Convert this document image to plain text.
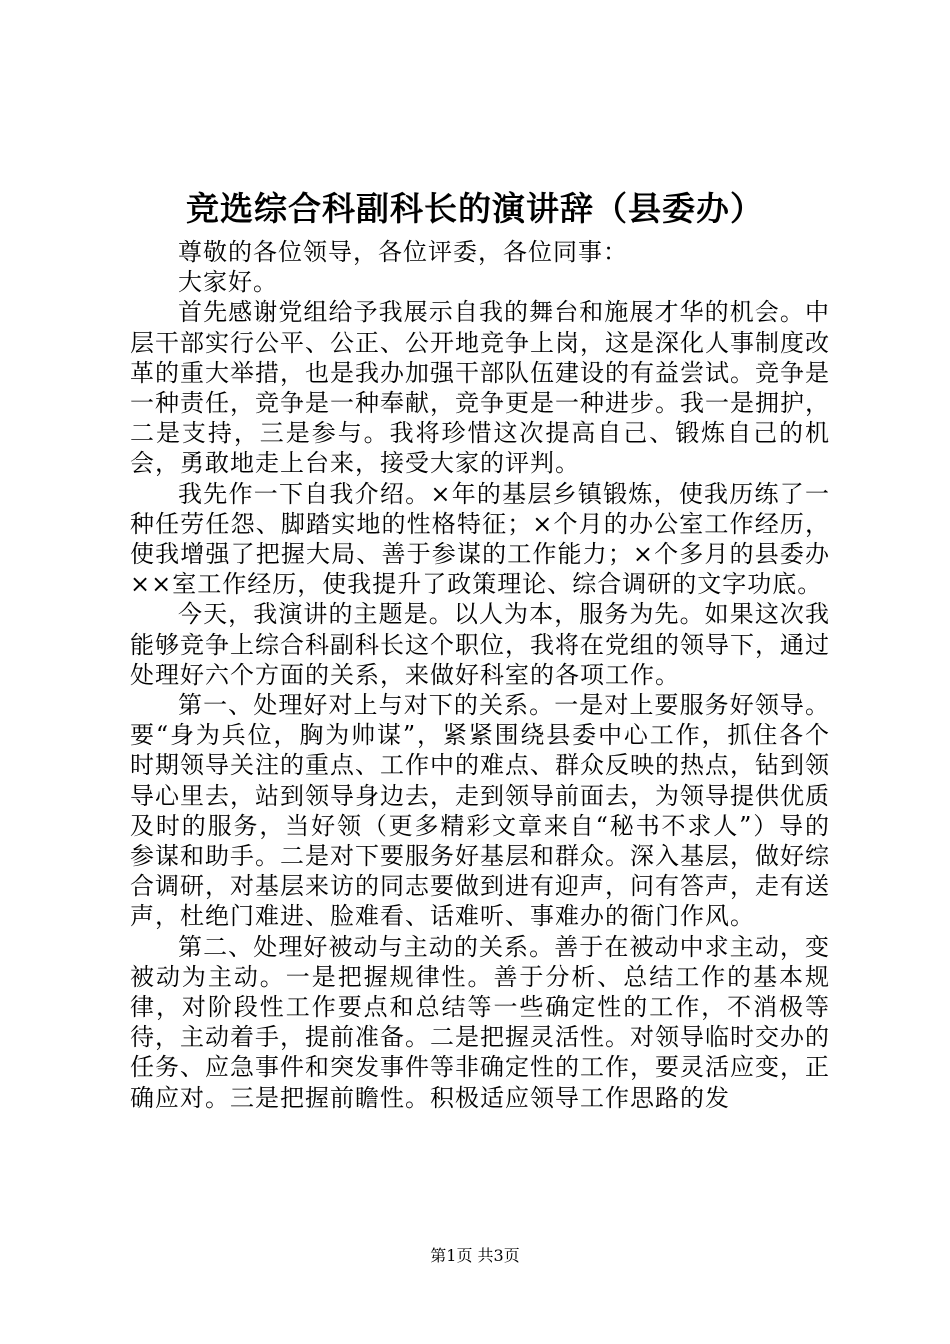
竞选综合科副科长的演讲辞（县委办）

尊敬的各位领导，各位评委，各位同事：

大家好。

首先感谢党组给予我展示自我的舞台和施展才华的机会。中层干部实行公平、公正、公开地竞争上岗，这是深化人事制度改革的重大举措，也是我办加强干部队伍建设的有益尝试。竞争是一种责任，竞争是一种奉献，竞争更是一种进步。我一是拥护，二是支持，三是参与。我将珍惜这次提高自己、锻炼自己的机会，勇敢地走上台来，接受大家的评判。

我先作一下自我介绍。×年的基层乡镇锻炼，使我历练了一种任劳任怨、脚踏实地的性格特征；×个月的办公室工作经历，使我增强了把握大局、善于参谋的工作能力；×个多月的县委办××室工作经历，使我提升了政策理论、综合调研的文字功底。

今天，我演讲的主题是。以人为本，服务为先。如果这次我能够竞争上综合科副科长这个职位，我将在党组的领导下，通过处理好六个方面的关系，来做好科室的各项工作。

第一、处理好对上与对下的关系。一是对上要服务好领导。要“身为兵位，胸为帅谋”，紧紧围绕县委中心工作，抓住各个时期领导关注的重点、工作中的难点、群众反映的热点，钻到领导心里去，站到领导身边去，走到领导前面去，为领导提供优质及时的服务，当好领（更多精彩文章来自“秘书不求人”）导的参谋和助手。二是对下要服务好基层和群众。深入基层，做好综合调研，对基层来访的同志要做到进有迎声，问有答声，走有送声，杜绝门难进、脸难看、话难听、事难办的衙门作风。

第二、处理好被动与主动的关系。善于在被动中求主动，变被动为主动。一是把握规律性。善于分析、总结工作的基本规律，对阶段性工作要点和总结等一些确定性的工作，不消极等待，主动着手，提前准备。二是把握灵活性。对领导临时交办的任务、应急事件和突发事件等非确定性的工作，要灵活应变，正确应对。三是把握前瞻性。积极适应领导工作思路的发

第1页 共3页
